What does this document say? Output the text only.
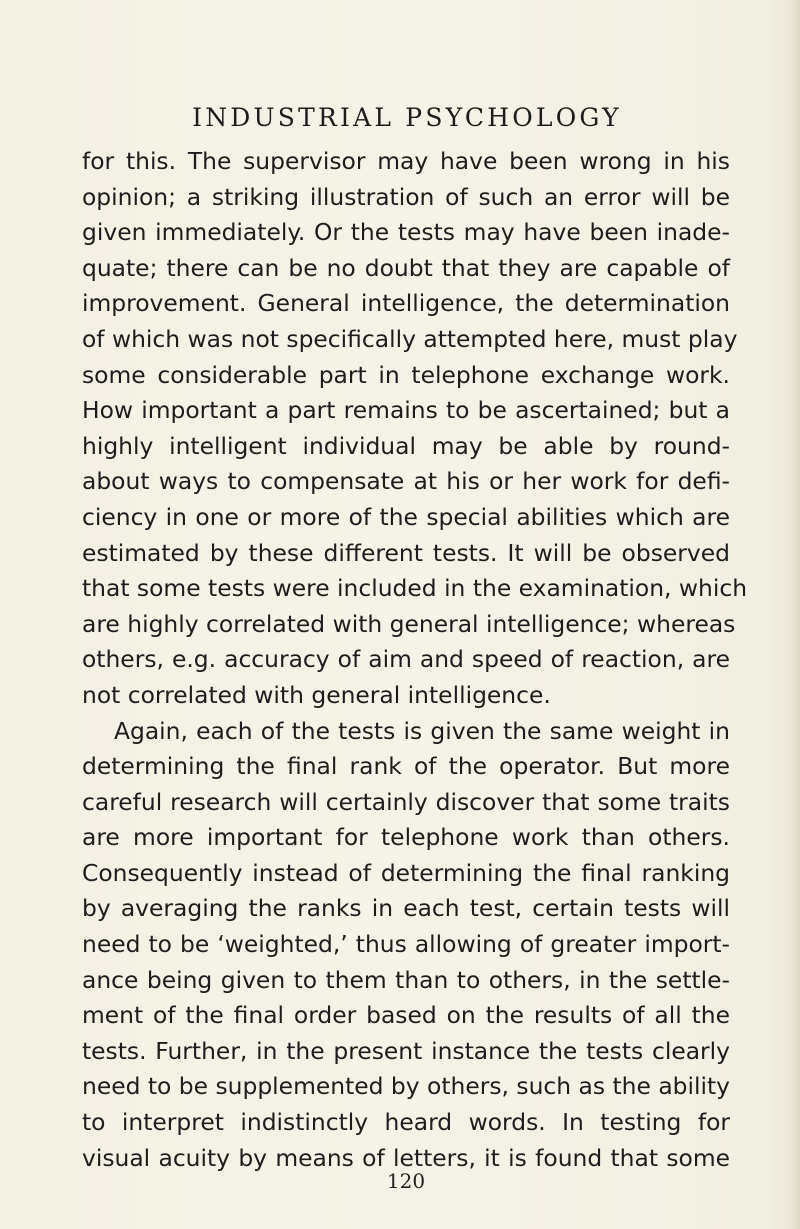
INDUSTRIAL PSYCHOLOGY
for this. The supervisor may have been wrong in his
opinion; a striking illustration of such an error will be
given immediately. Or the tests may have been inade-
quate; there can be no doubt that they are capable of
improvement. General intelligence, the determination
of which was not specifically attempted here, must play
some considerable part in telephone exchange work.
How important a part remains to be ascertained; but a
highly intelligent individual may be able by round-
about ways to compensate at his or her work for defi-
ciency in one or more of the special abilities which are
estimated by these different tests. It will be observed
that some tests were included in the examination, which
are highly correlated with general intelligence; whereas
others, e.g. accuracy of aim and speed of reaction, are
not correlated with general intelligence.
Again, each of the tests is given the same weight in
determining the final rank of the operator. But more
careful research will certainly discover that some traits
are more important for telephone work than others.
Consequently instead of determining the final ranking
by averaging the ranks in each test, certain tests will
need to be ‘weighted,’ thus allowing of greater import-
ance being given to them than to others, in the settle-
ment of the final order based on the results of all the
tests. Further, in the present instance the tests clearly
need to be supplemented by others, such as the ability
to interpret indistinctly heard words. In testing for
visual acuity by means of letters, it is found that some
120
